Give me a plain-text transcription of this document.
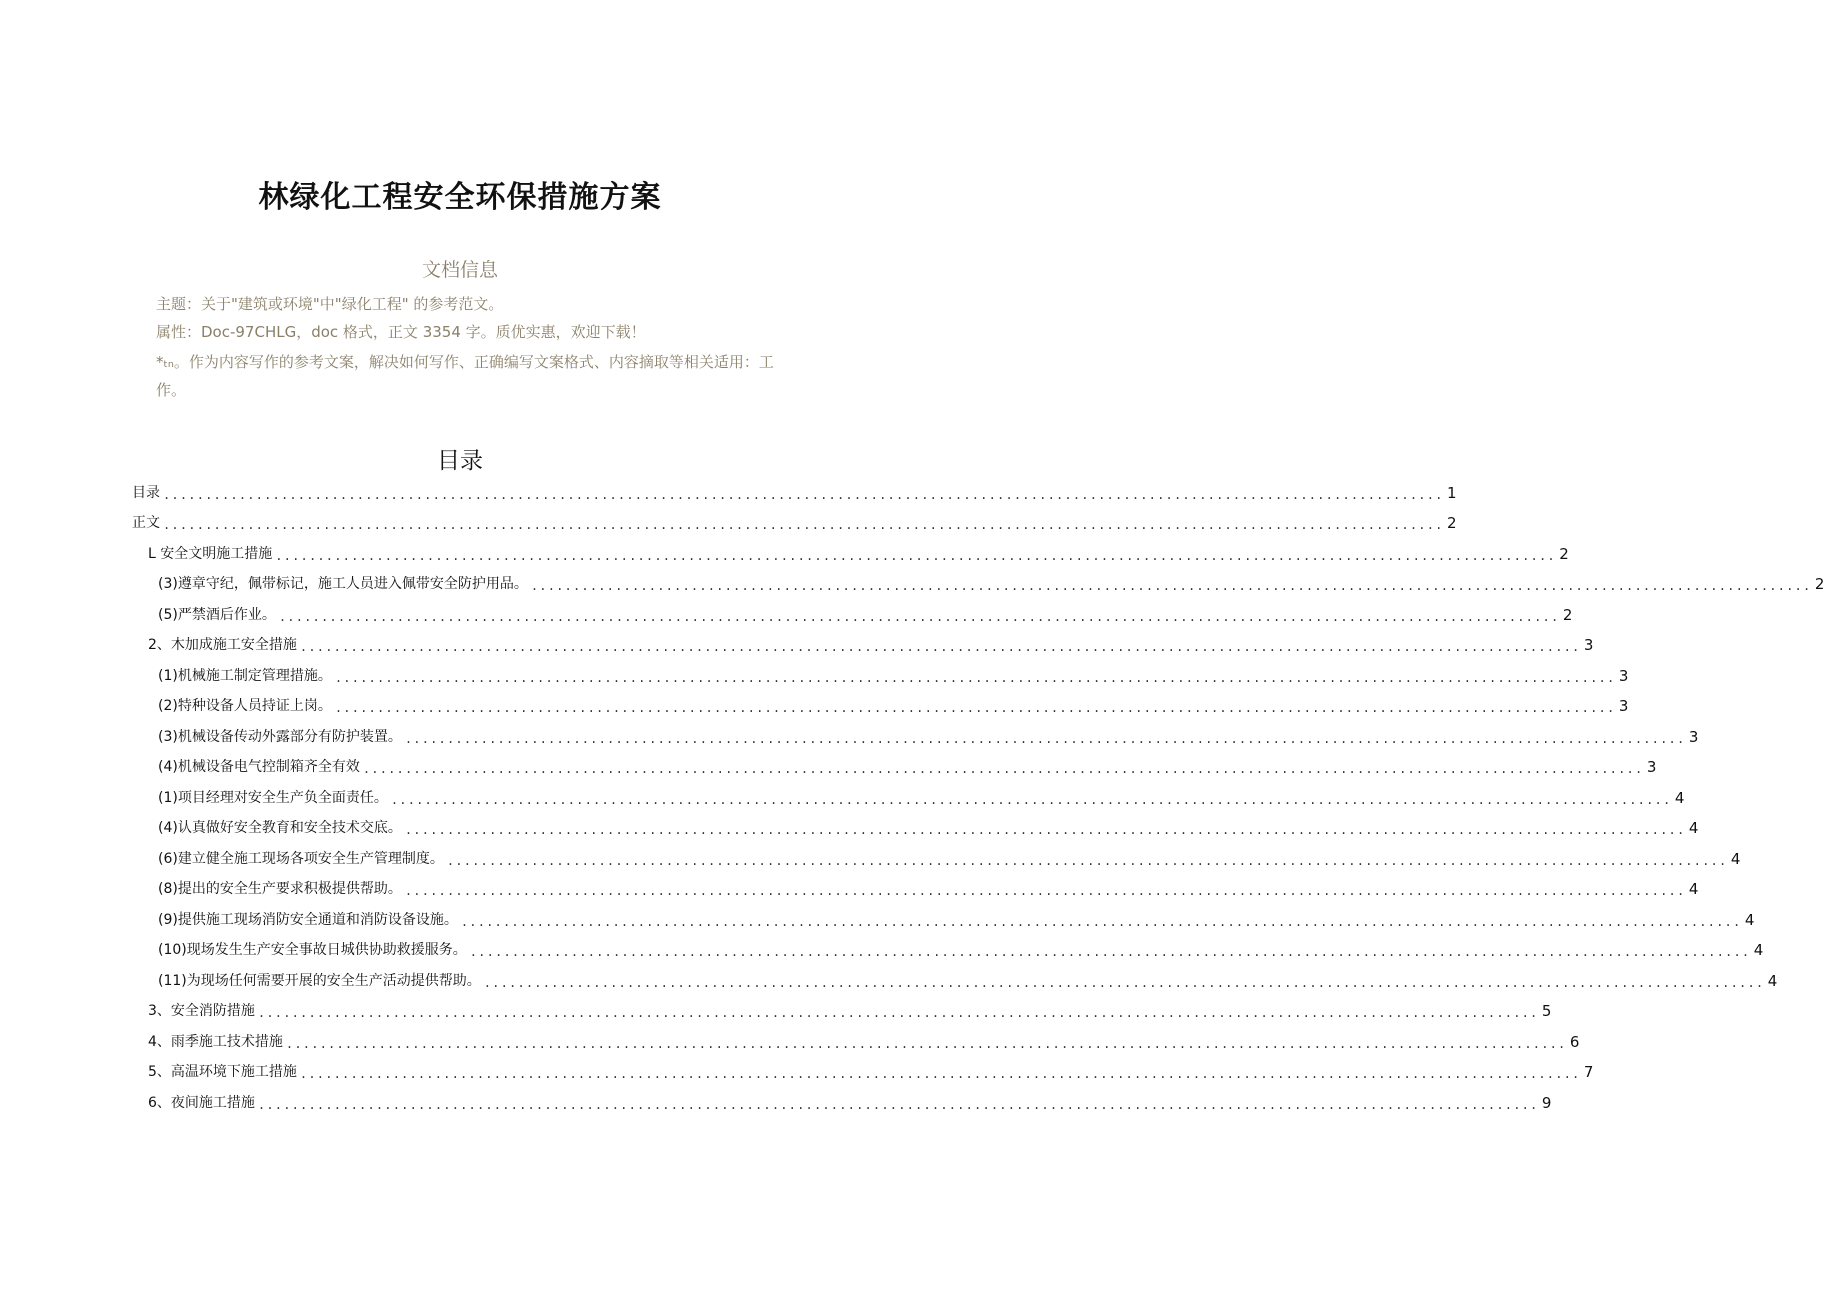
林绿化工程安全环保措施方案
文档信息
主题：关于"建筑或环境"中"绿化工程" 的参考范文。
属性：Doc-97CHLG，doc 格式，正文 3354 字。质优实惠，欢迎下载！
*ₜₙ。作为内容写作的参考文案，解决如何写作、正确编写文案格式、内容摘取等相关适用：工作。
目录
目录 ........................................................................................................................................................ 1
正文 ........................................................................................................................................................ 2
L 安全文明施工措施 ........................................................................................................................................................ 2
(3)遵章守纪，佩带标记，施工人员进入佩带安全防护用品。 ........................................................................................................................................................ 2
(5)严禁酒后作业。 ........................................................................................................................................................ 2
2、木加成施工安全措施 ........................................................................................................................................................ 3
(1)机械施工制定管理措施。 ........................................................................................................................................................ 3
(2)特种设备人员持证上岗。 ........................................................................................................................................................ 3
(3)机械设备传动外露部分有防护装置。 ........................................................................................................................................................ 3
(4)机械设备电气控制箱齐全有效 ........................................................................................................................................................ 3
(1)项目经理对安全生产负全面责任。 ........................................................................................................................................................ 4
(4)认真做好安全教育和安全技术交底。 ........................................................................................................................................................ 4
(6)建立健全施工现场各项安全生产管理制度。 ........................................................................................................................................................ 4
(8)提出的安全生产要求积极提供帮助。 ........................................................................................................................................................ 4
(9)提供施工现场消防安全通道和消防设备设施。 ........................................................................................................................................................ 4
(10)现场发生生产安全事故日城供协助救援服务。 ........................................................................................................................................................ 4
(11)为现场任何需要开展的安全生产活动提供帮助。 ........................................................................................................................................................ 4
3、安全消防措施 ........................................................................................................................................................ 5
4、雨季施工技术措施 ........................................................................................................................................................ 6
5、高温环境下施工措施 ........................................................................................................................................................ 7
6、夜间施工措施 ........................................................................................................................................................ 9
